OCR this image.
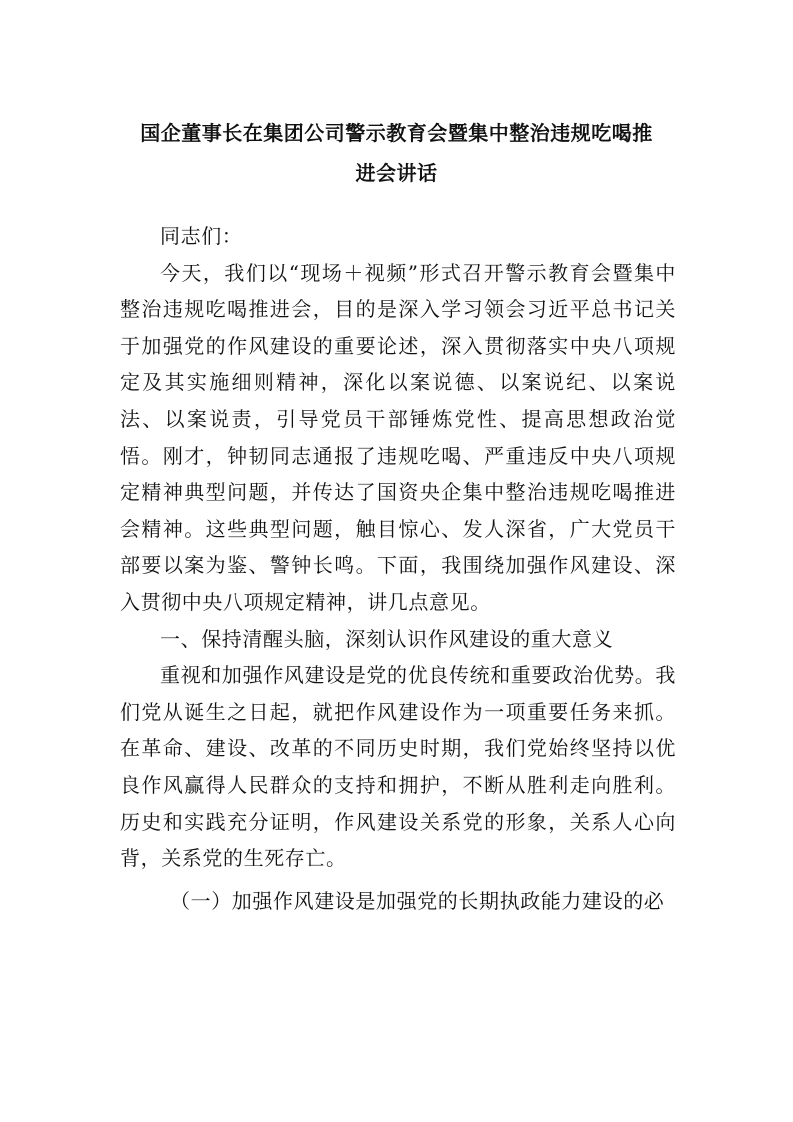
国企董事长在集团公司警示教育会暨集中整治违规吃喝推
进会讲话

同志们：

今天，我们以“现场＋视频”形式召开警示教育会暨集中整治违规吃喝推进会，目的是深入学习领会习近平总书记关于加强党的作风建设的重要论述，深入贯彻落实中央八项规定及其实施细则精神，深化以案说德、以案说纪、以案说法、以案说责，引导党员干部锤炼党性、提高思想政治觉悟。刚才，钟韧同志通报了违规吃喝、严重违反中央八项规定精神典型问题，并传达了国资央企集中整治违规吃喝推进会精神。这些典型问题，触目惊心、发人深省，广大党员干部要以案为鉴、警钟长鸣。下面，我围绕加强作风建设、深入贯彻中央八项规定精神，讲几点意见。

一、保持清醒头脑，深刻认识作风建设的重大意义

重视和加强作风建设是党的优良传统和重要政治优势。我们党从诞生之日起，就把作风建设作为一项重要任务来抓。在革命、建设、改革的不同历史时期，我们党始终坚持以优良作风赢得人民群众的支持和拥护，不断从胜利走向胜利。历史和实践充分证明，作风建设关系党的形象，关系人心向背，关系党的生死存亡。

（一）加强作风建设是加强党的长期执政能力建设的必
